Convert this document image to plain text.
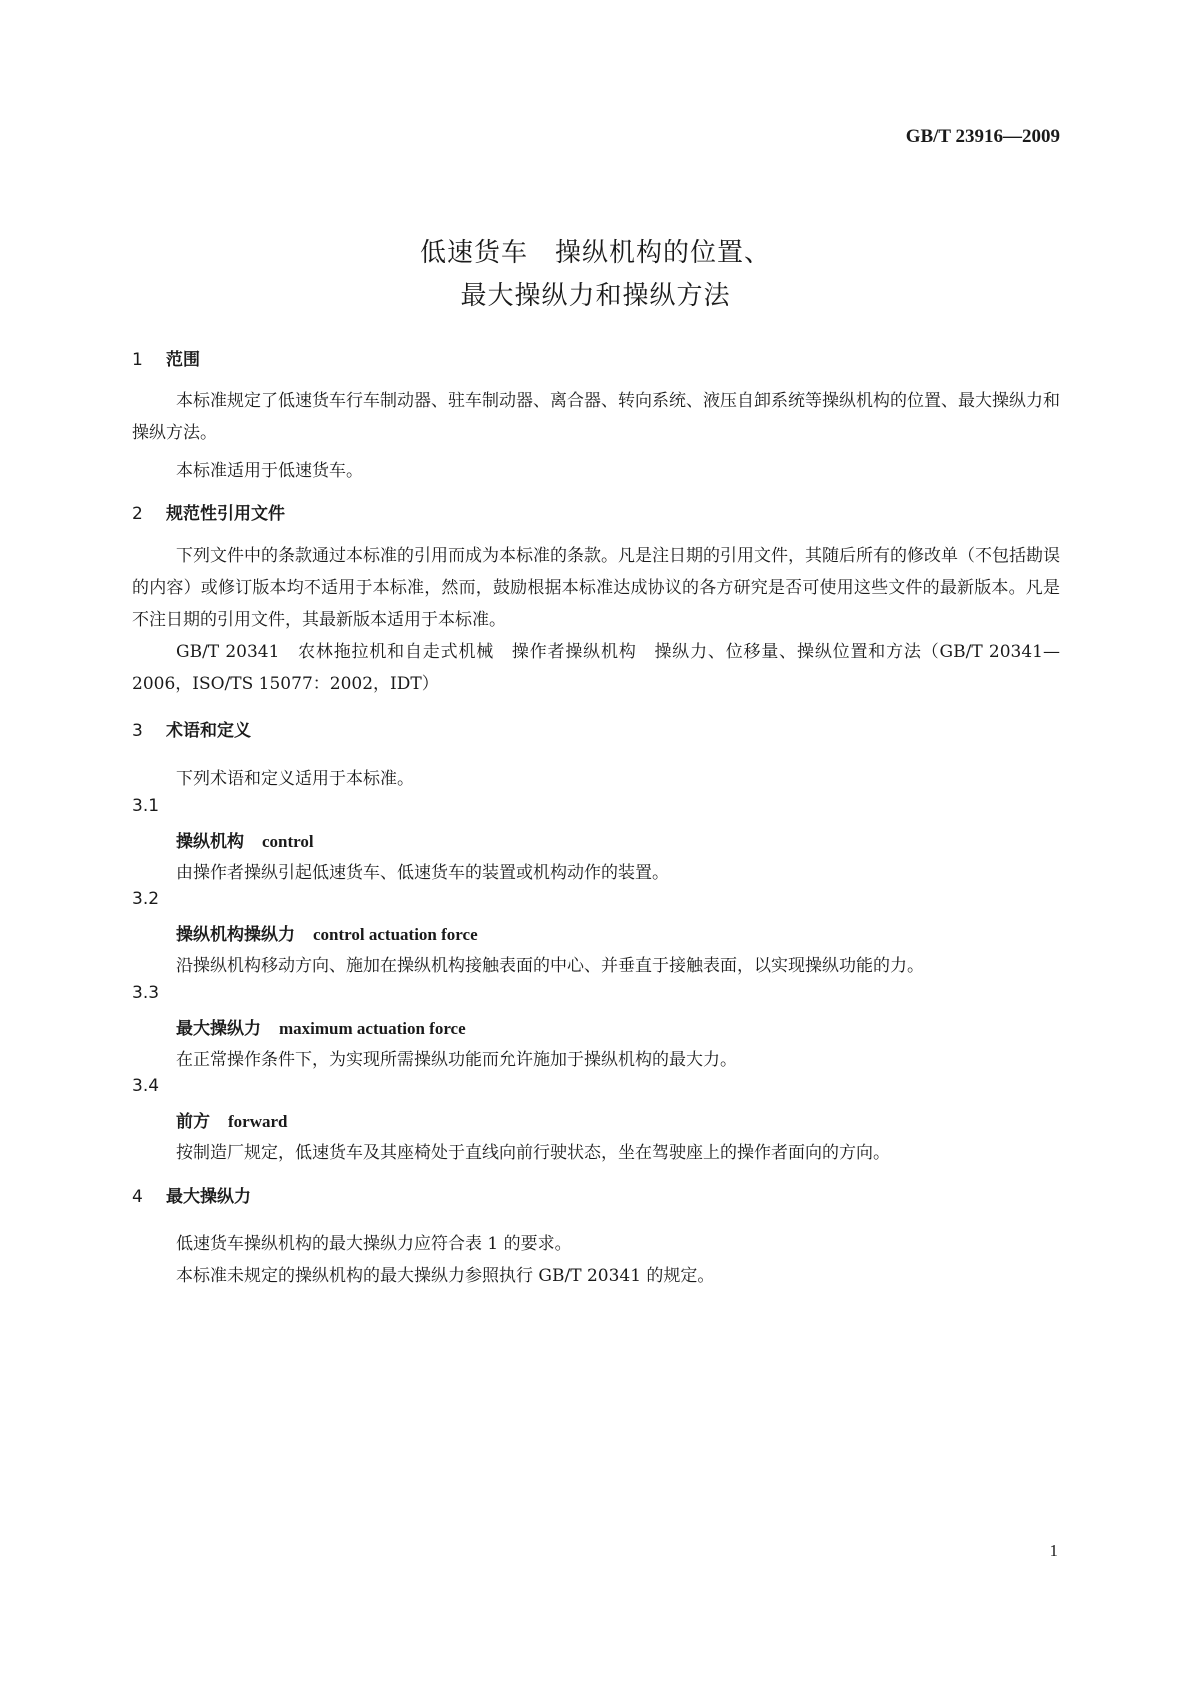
GB/T 23916—2009
低速货车　操纵机构的位置、
最大操纵力和操纵方法
1 范围
本标准规定了低速货车行车制动器、驻车制动器、离合器、转向系统、液压自卸系统等操纵机构的位置、最大操纵力和操纵方法。
本标准适用于低速货车。
2 规范性引用文件
下列文件中的条款通过本标准的引用而成为本标准的条款。凡是注日期的引用文件，其随后所有的修改单（不包括勘误的内容）或修订版本均不适用于本标准，然而，鼓励根据本标准达成协议的各方研究是否可使用这些文件的最新版本。凡是不注日期的引用文件，其最新版本适用于本标准。
GB/T 20341　农林拖拉机和自走式机械　操作者操纵机构　操纵力、位移量、操纵位置和方法（GB/T 20341—2006，ISO/TS 15077：2002，IDT）
3 术语和定义
下列术语和定义适用于本标准。
3.1
操纵机构 control
由操作者操纵引起低速货车、低速货车的装置或机构动作的装置。
3.2
操纵机构操纵力 control actuation force
沿操纵机构移动方向、施加在操纵机构接触表面的中心、并垂直于接触表面，以实现操纵功能的力。
3.3
最大操纵力 maximum actuation force
在正常操作条件下，为实现所需操纵功能而允许施加于操纵机构的最大力。
3.4
前方 forward
按制造厂规定，低速货车及其座椅处于直线向前行驶状态，坐在驾驶座上的操作者面向的方向。
4 最大操纵力
低速货车操纵机构的最大操纵力应符合表 1 的要求。
本标准未规定的操纵机构的最大操纵力参照执行 GB/T 20341 的规定。
1
